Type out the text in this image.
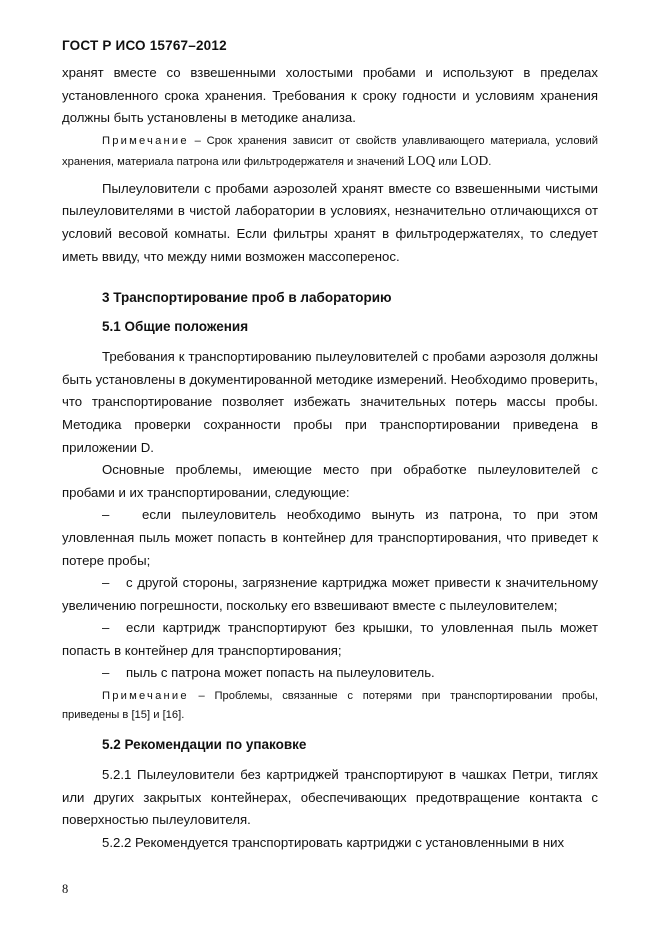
ГОСТ Р ИСО 15767–2012

хранят вместе со взвешенными холостыми пробами и используют в пределах установленного срока хранения. Требования к сроку годности и условиям хранения должны быть установлены в методике анализа.

Примечание – Срок хранения зависит от свойств улавливающего материала, условий хранения, материала патрона или фильтродержателя и значений LOQ или LOD.

Пылеуловители с пробами аэрозолей хранят вместе со взвешенными чистыми пылеуловителями в чистой лаборатории в условиях, незначительно отличающихся от условий весовой комнаты. Если фильтры хранят в фильтродержателях, то следует иметь ввиду, что между ними возможен массоперенос.

3 Транспортирование проб в лабораторию
5.1 Общие положения

Требования к транспортированию пылеуловителей с пробами аэрозоля должны быть установлены в документированной методике измерений. Необходимо проверить, что транспортирование позволяет избежать значительных потерь массы пробы. Методика проверки сохранности пробы при транспортировании приведена в приложении D.

Основные проблемы, имеющие место при обработке пылеуловителей с пробами и их транспортировании, следующие:

– если пылеуловитель необходимо вынуть из патрона, то при этом уловленная пыль может попасть в контейнер для транспортирования, что приведет к потере пробы;

– с другой стороны, загрязнение картриджа может привести к значительному увеличению погрешности, поскольку его взвешивают вместе с пылеуловителем;

– если картридж транспортируют без крышки, то уловленная пыль может попасть в контейнер для транспортирования;

– пыль с патрона может попасть на пылеуловитель.

Примечание – Проблемы, связанные с потерями при транспортировании пробы, приведены в [15] и [16].

5.2 Рекомендации по упаковке

5.2.1 Пылеуловители без картриджей транспортируют в чашках Петри, тиглях или других закрытых контейнерах, обеспечивающих предотвращение контакта с поверхностью пылеуловителя.

5.2.2 Рекомендуется транспортировать картриджи с установленными в них

8
